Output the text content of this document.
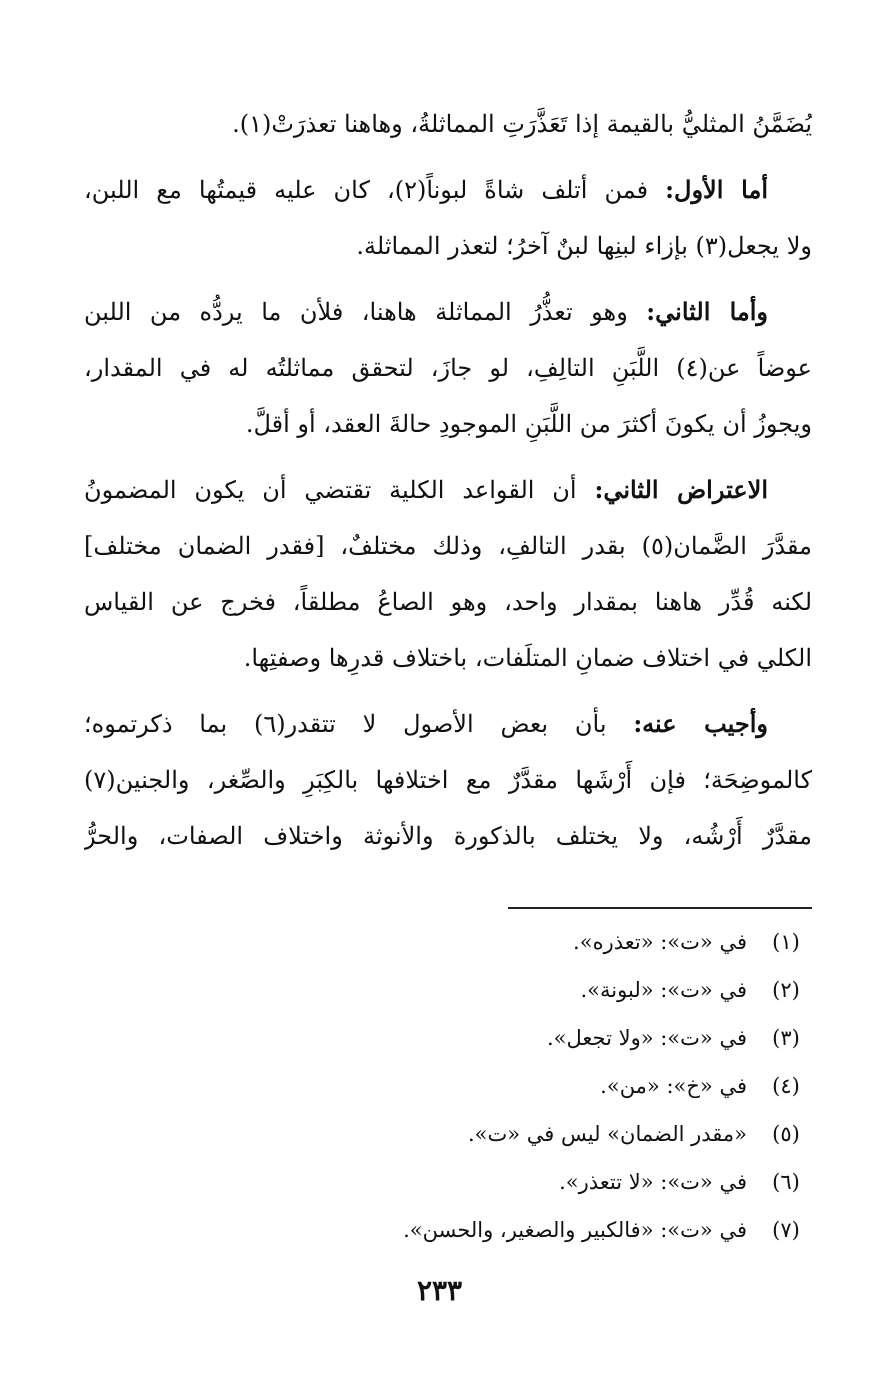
يُضَمَّنُ المثليُّ بالقيمة إذا تَعَذَّرَتِ المماثلةُ، وهاهنا تعذرَتْ(١).
أما الأول: فمن أتلف شاةً لبوناً(٢)، كان عليه قيمتُها مع اللبن،
ولا يجعل(٣) بإزاء لبنِها لبنٌ آخرُ؛ لتعذر المماثلة.
وأما الثاني: وهو تعذُّرُ المماثلة هاهنا، فلأن ما يردُّه من اللبن
عوضاً عن(٤) اللَّبَنِ التالِفِ، لو جازَ، لتحقق مماثلتُه له في المقدار،
ويجوزُ أن يكونَ أكثرَ من اللَّبَنِ الموجودِ حالةَ العقد، أو أقلَّ.
الاعتراض الثاني: أن القواعد الكلية تقتضي أن يكون المضمونُ
مقدَّرَ الضَّمان(٥) بقدر التالفِ، وذلك مختلفٌ، [فقدر الضمان مختلف]
لكنه قُدِّر هاهنا بمقدار واحد، وهو الصاعُ مطلقاً، فخرج عن القياس
الكلي في اختلاف ضمانِ المتلَفات، باختلاف قدرِها وصفتِها.
وأجيب عنه: بأن بعض الأصول لا تتقدر(٦) بما ذكرتموه؛
كالموضِحَة؛ فإن أَرْشَها مقدَّرٌ مع اختلافها بالكِبَرِ والصِّغر، والجنين(٧)
مقدَّرٌ أَرْشُه، ولا يختلف بالذكورة والأنوثة واختلاف الصفات، والحرُّ
(١)في «ت»: «تعذره».
(٢)في «ت»: «لبونة».
(٣)في «ت»: «ولا تجعل».
(٤)في «خ»: «من».
(٥)«مقدر الضمان» ليس في «ت».
(٦)في «ت»: «لا تتعذر».
(٧)في «ت»: «فالكبير والصغير، والحسن».
٢٣٣
